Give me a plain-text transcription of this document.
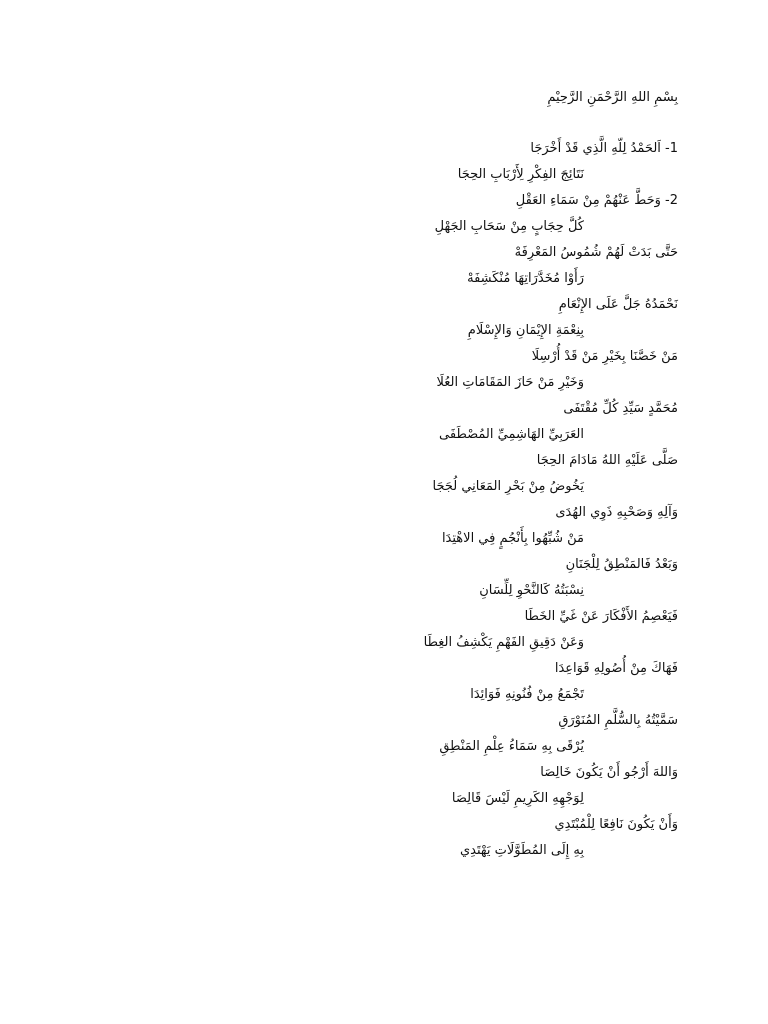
بِسْمِ اللهِ الرَّحْمَنِ الرَّحِيْمِ
1- اَلحَمْدُ لِلّهِ الَّذِي قَدْ أَخْرَجَا
نَتَائِجَ الفِكْرِ لِأَرْبَابِ الحِجَا
2- وَحَطَّ عَنْهُمْ مِنْ سَمَاءِ العَقْلِ
كُلَّ حِجَابٍ مِنْ سَحَابِ الجَهْلِ
حَتَّى بَدَتْ لَهُمْ شُمُوسُ المَعْرِفَهْ
رَأَوْا مُخَدَّرَاتِهَا مُنْكَشِفَهْ
نَحْمَدُهُ جَلَّ عَلَى الإِنْعَامِ
بِنِعْمَةِ الإِيْمَانِ وَالإِسْلَامِ
مَنْ خَصَّنَا بِخَيْرِ مَنْ قَدْ أُرْسِلَا
وَخَيْرِ مَنْ حَازَ المَقَامَاتِ العُلَا
مُحَمَّدٍ سَيِّدِ كُلِّ مُقْتَفَى
العَرَبِيِّ الهَاشِمِيِّ المُصْطَفَى
صَلَّى عَلَيْهِ اللهُ مَادَامَ الحِجَا
يَخُوضُ مِنْ بَحْرِ المَعَانِي لُجَجَا
وَآلِهِ وَصَحْبِهِ ذَوِي الهُدَى
مَنْ شُبِّهُوا بِأَنْجُمٍ فِي الاهْتِدَا
وَبَعْدُ فَالمَنْطِقُ لِلْجَنَانِ
نِسْبَتُهُ كَالنَّحْوِ لِلِّسَانِ
فَيَعْصِمُ الأَفْكَارَ عَنْ غَيِّ الخَطَا
وَعَنْ دَقِيقِ الفَهْمِ يَكْشِفُ الغِطَا
فَهَاكَ مِنْ أُصُولِهِ قَوَاعِدَا
تَجْمَعُ مِنْ فُنُونِهِ فَوَائِدَا
سَمَّيْتُهُ بِالسُّلَّمِ المُنَوْرَقِ
يُرْقَى بِهِ سَمَاءُ عِلْمِ المَنْطِقِ
وَاللهَ أَرْجُو أَنْ يَكُونَ خَالِصَا
لِوَجْهِهِ الكَرِيمِ لَيْسَ قَالِصَا
وَأَنْ يَكُونَ نَافِعًا لِلْمُبْتَدِي
بِهِ إِلَى المُطَوَّلَاتِ يَهْتَدِي
